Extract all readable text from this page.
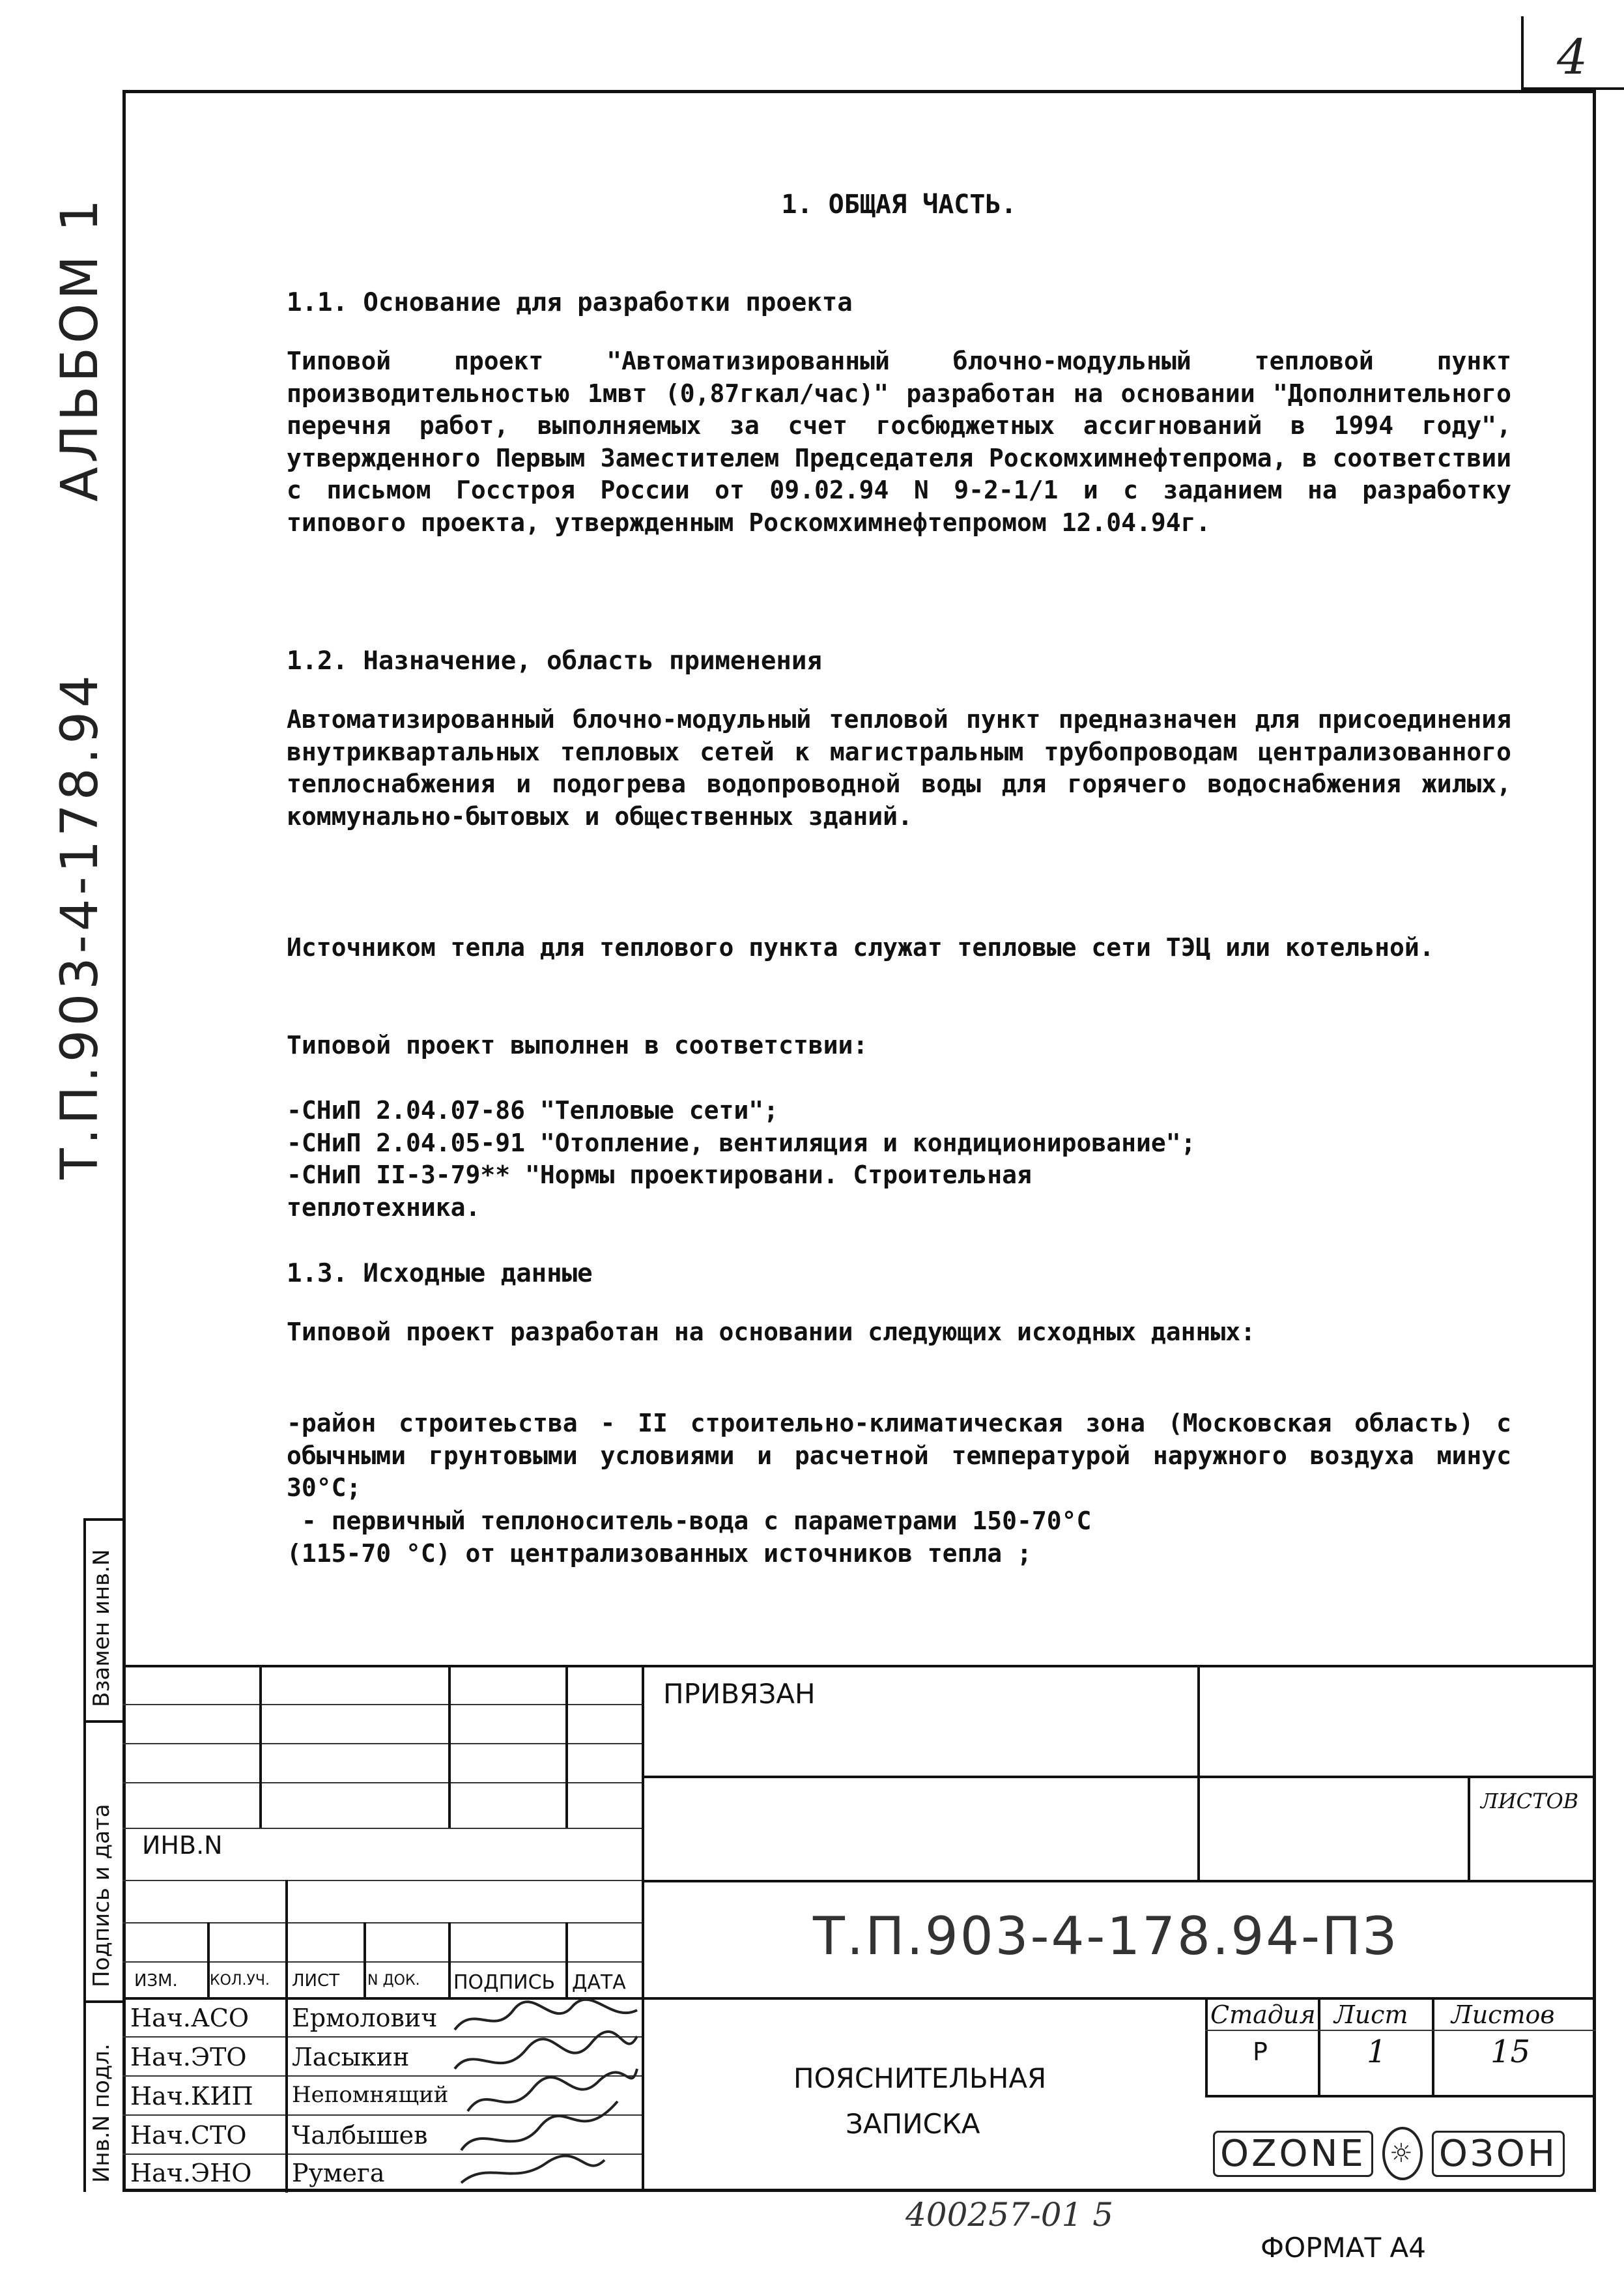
4
АЛЬБОМ 1
Т.П.903-4-178.94
1. ОБЩАЯ ЧАСТЬ.
1.1. Основание для разработки проекта

Типовой проект "Автоматизированный блочно-модульный тепловой пункт производительностью 1мвт (0,87гкал/час)" разработан на основании "Дополнительного перечня работ, выполняемых за счет госбюджетных ассигнований в 1994 году", утвержденного Первым Заместителем Председателя Роскомхимнефтепрома, в соответствии с письмом Госстроя России от 09.02.94 N 9-2-1/1 и с заданием на разработку типового проекта, утвержденным Роскомхимнефтепромом 12.04.94г.

1.2. Назначение, область применения

Автоматизированный блочно-модульный тепловой пункт предназначен для присоединения внутриквартальных тепловых сетей к магистральным трубопроводам централизованного теплоснабжения и подогрева водопроводной воды для горячего водоснабжения жилых, коммунально-бытовых и общественных зданий.

Источником тепла для теплового пункта служат тепловые сети ТЭЦ или котельной.

Типовой проект выполнен в соответствии:

-СНиП 2.04.07-86 "Тепловые сети";
-СНиП 2.04.05-91 "Отопление, вентиляция и кондиционирование";
-СНиП II-3-79** "Нормы проектировани. Строительная
теплотехника.
1.3. Исходные данные

Типовой проект разработан на основании следующих исходных данных:

-район строитеьства - II строительно-климатическая зона (Московская область) с обычными грунтовыми условиями и расчетной температурой наружного воздуха минус 30°С;

- первичный теплоноситель-вода с параметрами 150-70°С
(115-70 °С) от централизованных источников тепла ;
Взамен инв.N
Подпись и дата
Инв.N подл.
ПРИВЯЗАН
ЛИСТОВ
ИНВ.N
Т.П.903-4-178.94-ПЗ
ИЗМ. КОЛ.УЧ. ЛИСТ N ДОК. ПОДПИСЬ ДАТА
Нач.АСО Ермолович
Нач.ЭТО Ласыкин
Нач.КИП Непомнящий
Нач.СТО Чалбышев
Нач.ЭНО Румега
ПОЯСНИТЕЛЬНАЯ
ЗАПИСКА
Стадия Лист Листов
Р	1	15
OZONE ☼ ОЗОН
400257-01 5
ФОРМАТ А4
